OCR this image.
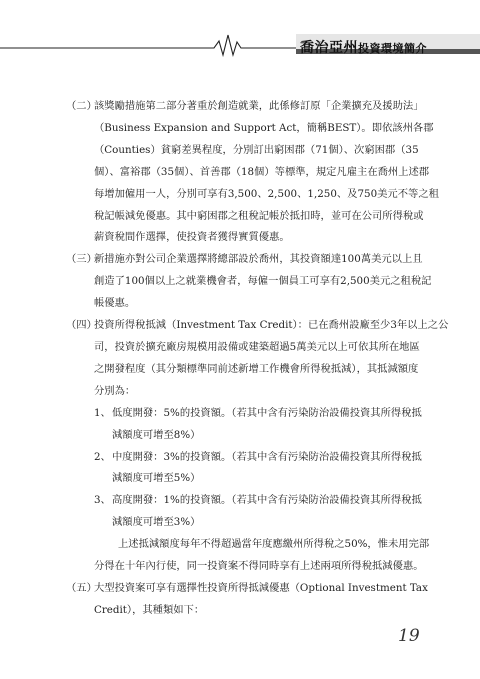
喬治亞州投資環境簡介
（二）
該獎勵措施第二部分著重於創造就業，此係修訂原「企業擴充及援助法」
（Business Expansion and Support Act，簡稱BEST）。即依該州各郡
（Counties）貧窮差異程度，分別訂出窮困郡（71個）、次窮困郡（35
個）、富裕郡（35個）、首善郡（18個）等標準，規定凡雇主在喬州上述郡
每增加僱用一人，分別可享有3,500、2,500、1,250、及750美元不等之租
稅記帳減免優惠。其中窮困郡之租稅記帳於抵扣時，並可在公司所得稅或
薪資稅間作選擇，使投資者獲得實質優惠。
（三）
新措施亦對公司企業選擇將總部設於喬州，其投資額達100萬美元以上且
創造了100個以上之就業機會者，每僱一個員工可享有2,500美元之租稅記
帳優惠。
（四）
投資所得稅抵減（Investment Tax Credit）：已在喬州設廠至少3年以上之公
司，投資於擴充廠房規模用設備或建築超過5萬美元以上可依其所在地區
之開發程度（其分類標準同前述新增工作機會所得稅抵減），其抵減額度
分別為：
1、 低度開發：5%的投資額。（若其中含有污染防治設備投資其所得稅抵
減額度可增至8%）
2、 中度開發：3%的投資額。（若其中含有污染防治設備投資其所得稅抵
減額度可增至5%）
3、 高度開發：1%的投資額。（若其中含有污染防治設備投資其所得稅抵
減額度可增至3%）
上述抵減額度每年不得超過當年度應繳州所得稅之50%，惟未用完部
分得在十年內行使，同一投資案不得同時享有上述兩項所得稅抵減優惠。
（五）
大型投資案可享有選擇性投資所得抵減優惠（Optional Investment Tax
Credit），其種類如下：
19
